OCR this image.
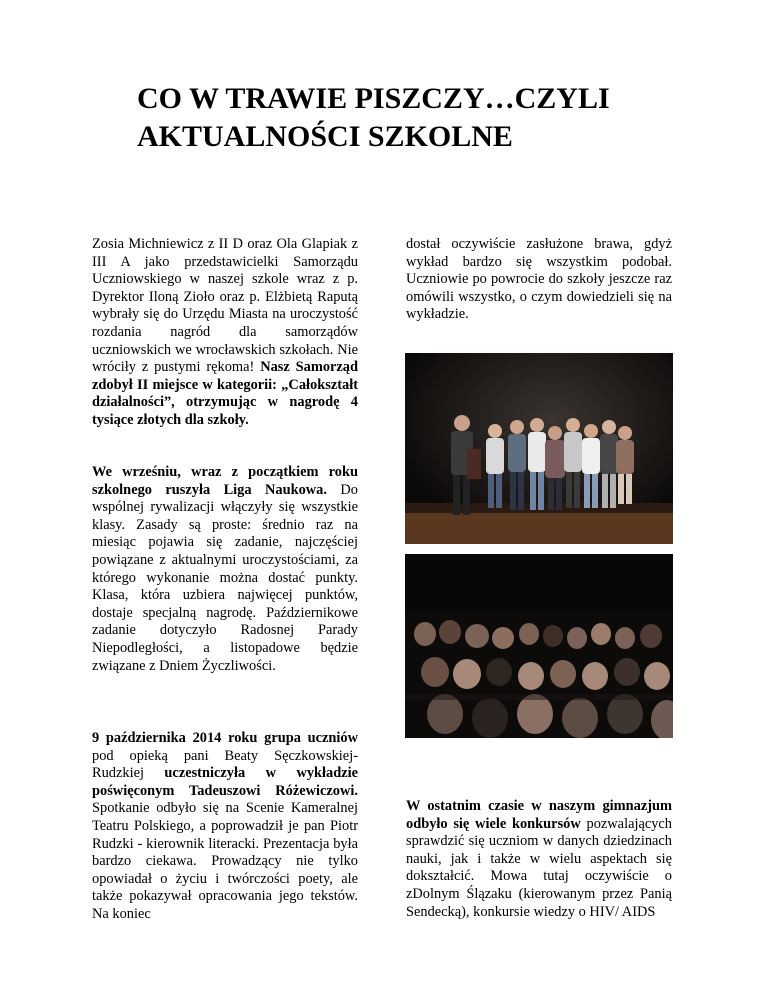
CO W TRAWIE PISZCZY…CZYLI
AKTUALNOŚCI SZKOLNE

Zosia Michniewicz z II D oraz Ola Glapiak z III A jako przedstawicielki Samorządu Uczniowskiego w naszej szkole wraz z p. Dyrektor Iloną Zioło oraz p. Elżbietą Raputą wybrały się do Urzędu Miasta na uroczystość rozdania nagród dla samorządów uczniowskich we wrocławskich szkołach. Nie wróciły z pustymi rękoma! Nasz Samorząd zdobył II miejsce w kategorii: „Całokształt działalności”, otrzymując w nagrodę 4 tysiące złotych dla szkoły.

We wrześniu, wraz z początkiem roku szkolnego ruszyła Liga Naukowa. Do wspólnej rywalizacji włączyły się wszystkie klasy. Zasady są proste: średnio raz na miesiąc pojawia się zadanie, najczęściej powiązane z aktualnymi uroczystościami, za którego wykonanie można dostać punkty. Klasa, która uzbiera najwięcej punktów, dostaje specjalną nagrodę. Październikowe zadanie dotyczyło Radosnej Parady Niepodległości, a listopadowe będzie związane z Dniem Życzliwości.

9 października 2014 roku grupa uczniów pod opieką pani Beaty Sęczkowskiej-Rudzkiej uczestniczyła w wykładzie poświęconym Tadeuszowi Różewiczowi. Spotkanie odbyło się na Scenie Kameralnej Teatru Polskiego, a poprowadził je pan Piotr Rudzki - kierownik literacki. Prezentacja była bardzo ciekawa. Prowadzący nie tylko opowiadał o życiu i twórczości poety, ale także pokazywał opracowania jego tekstów. Na koniec

dostał oczywiście zasłużone brawa, gdyż wykład bardzo się wszystkim podobał. Uczniowie po powrocie do szkoły jeszcze raz omówili wszystko, o czym dowiedzieli się na wykładzie.

W ostatnim czasie w naszym gimnazjum odbyło się wiele konkursów pozwalających sprawdzić się uczniom w danych dziedzinach nauki, jak i także w wielu aspektach się dokształcić. Mowa tutaj oczywiście o zDolnym Ślązaku (kierowanym przez Panią Sendecką), konkursie wiedzy o HIV/ AIDS
